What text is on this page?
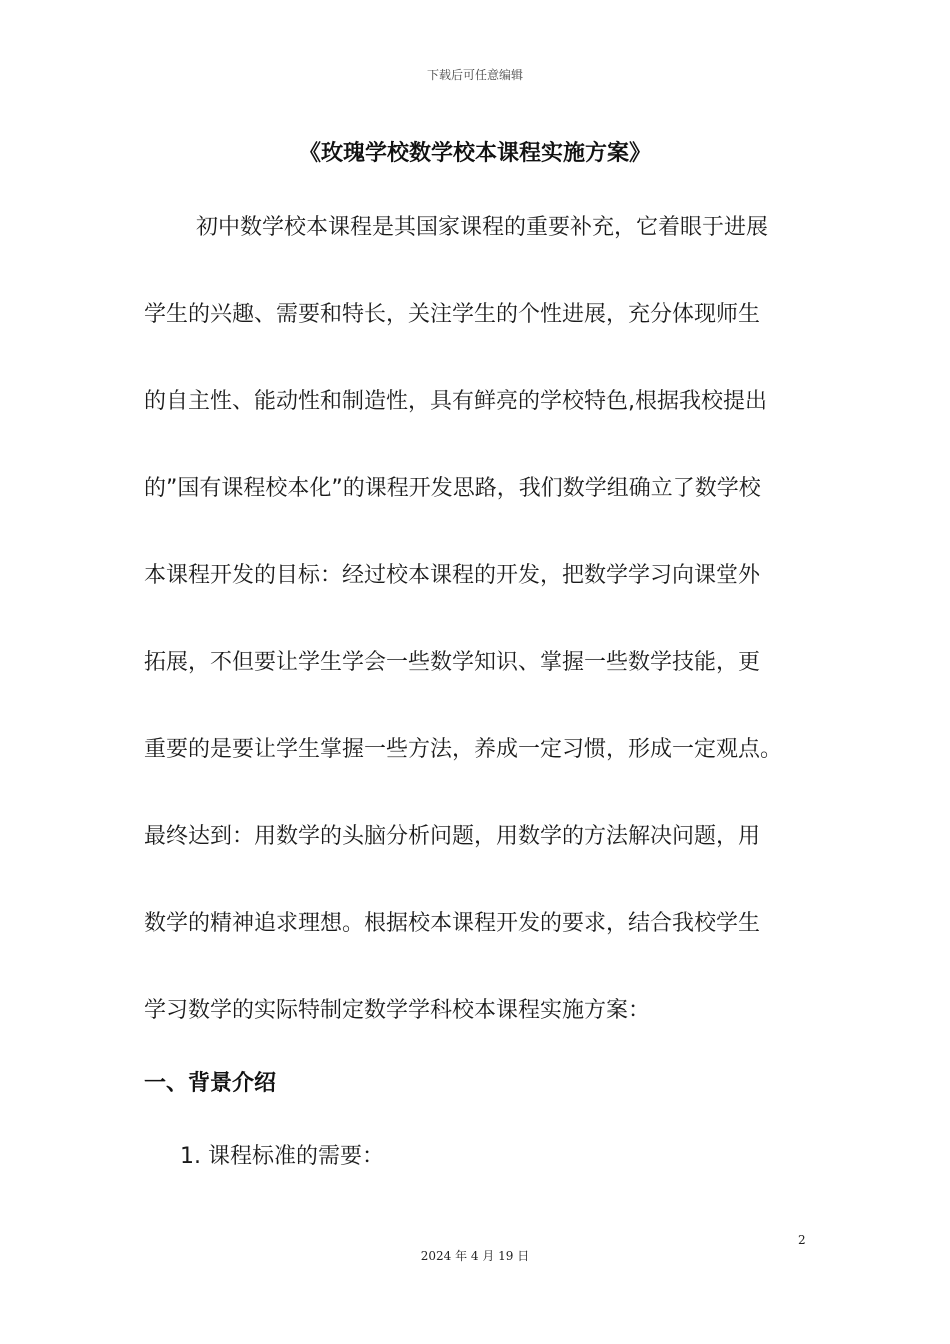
下载后可任意编辑
《玫瑰学校数学校本课程实施方案》
初中数学校本课程是其国家课程的重要补充，它着眼于进展
学生的兴趣、需要和特长，关注学生的个性进展，充分体现师生
的自主性、能动性和制造性，具有鲜亮的学校特色,根据我校提出
的”国有课程校本化”的课程开发思路，我们数学组确立了数学校
本课程开发的目标：经过校本课程的开发，把数学学习向课堂外
拓展，不但要让学生学会一些数学知识、掌握一些数学技能，更
重要的是要让学生掌握一些方法，养成一定习惯，形成一定观点。
最终达到：用数学的头脑分析问题，用数学的方法解决问题，用
数学的精神追求理想。根据校本课程开发的要求，结合我校学生
学习数学的实际特制定数学学科校本课程实施方案：
一、背景介绍
1. 课程标准的需要：
2
2024 年 4 月 19 日
